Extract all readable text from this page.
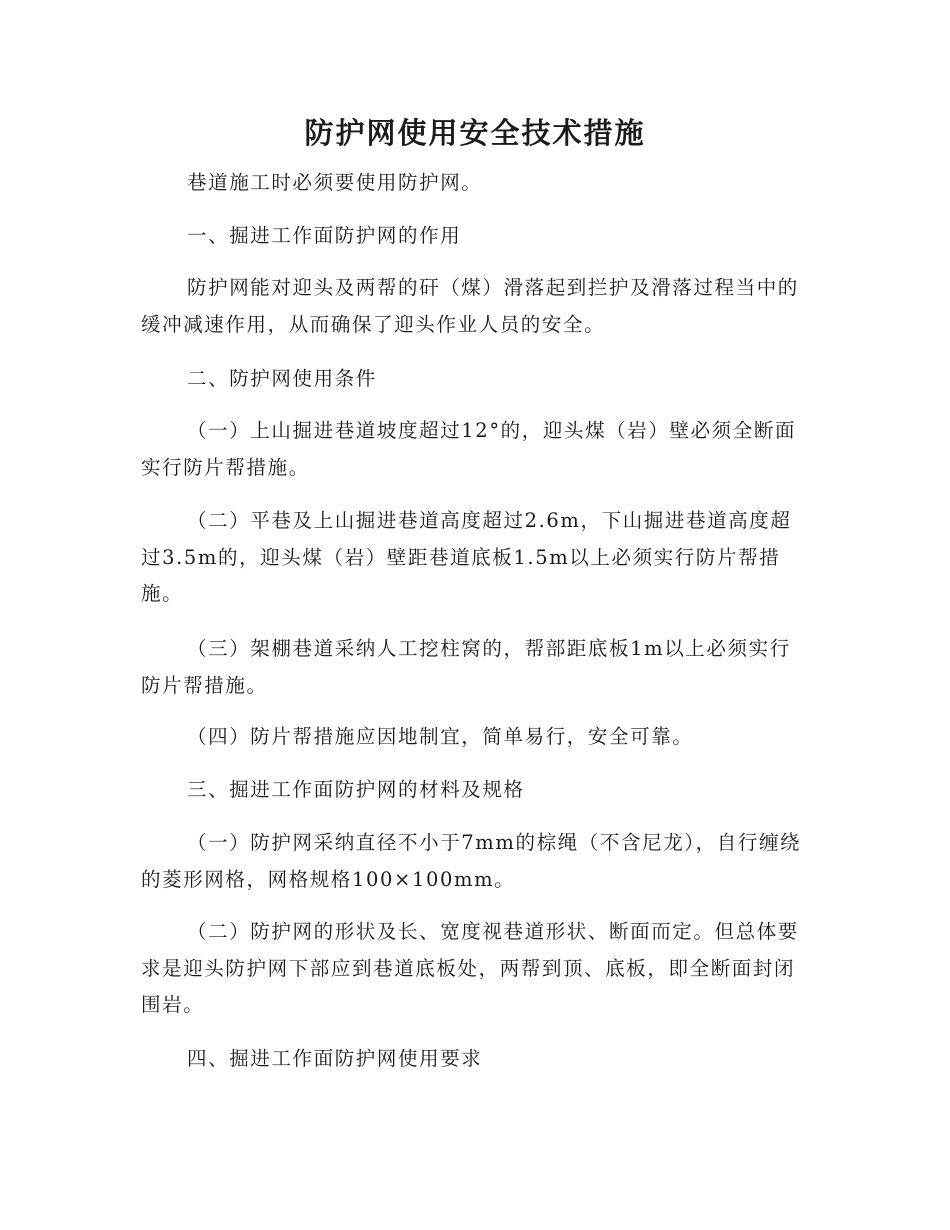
防护网使用安全技术措施

巷道施工时必须要使用防护网。

一、掘进工作面防护网的作用

防护网能对迎头及两帮的矸（煤）滑落起到拦护及滑落过程当中的缓冲减速作用，从而确保了迎头作业人员的安全。

二、防护网使用条件

（一）上山掘进巷道坡度超过12°的，迎头煤（岩）壁必须全断面实行防片帮措施。

（二）平巷及上山掘进巷道高度超过2.6m，下山掘进巷道高度超过3.5m的，迎头煤（岩）壁距巷道底板1.5m以上必须实行防片帮措施。

（三）架棚巷道采纳人工挖柱窝的，帮部距底板1m以上必须实行防片帮措施。

（四）防片帮措施应因地制宜，简单易行，安全可靠。

三、掘进工作面防护网的材料及规格

（一）防护网采纳直径不小于7mm的棕绳（不含尼龙），自行缠绕的菱形网格，网格规格100×100mm。

（二）防护网的形状及长、宽度视巷道形状、断面而定。但总体要求是迎头防护网下部应到巷道底板处，两帮到顶、底板，即全断面封闭围岩。

四、掘进工作面防护网使用要求
